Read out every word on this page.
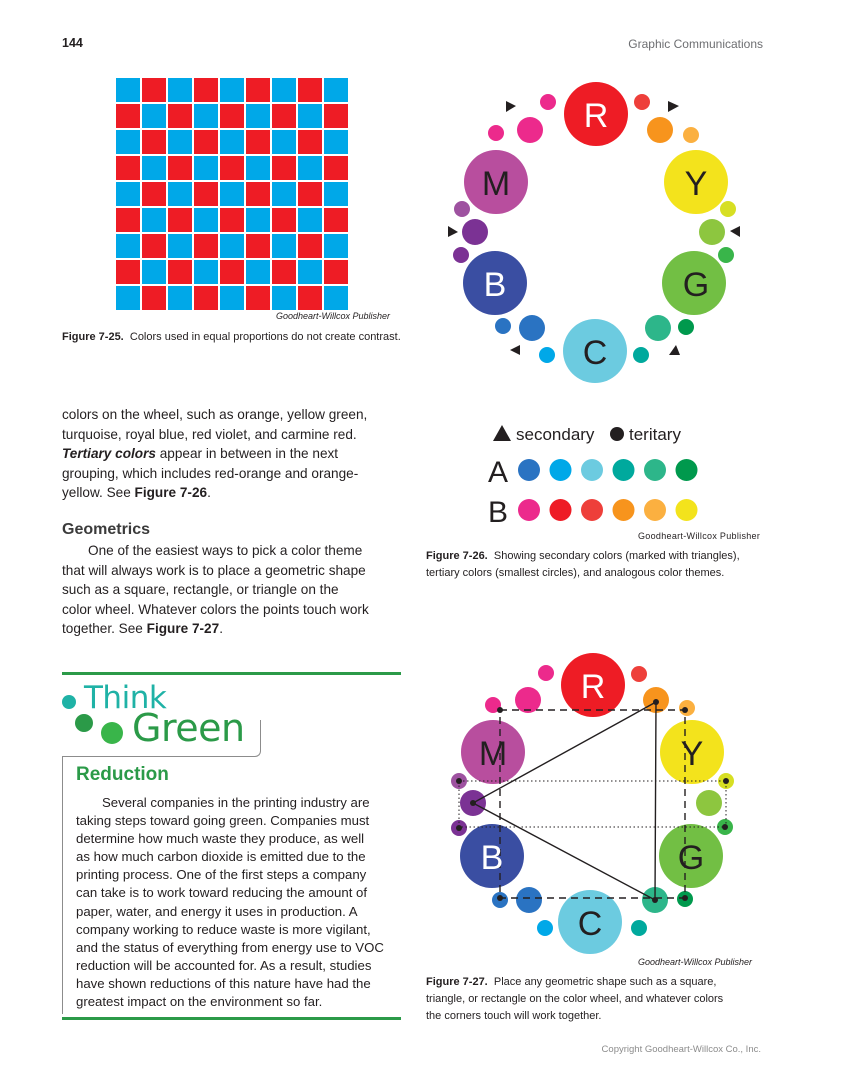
144	Graphic Communications
Goodheart-Willcox Publisher
Figure 7-25. Colors used in equal proportions do not create contrast.
R
Y
G
C
B
M
secondary teritary
A
B
Goodheart-Willcox Publisher
Figure 7-26. Showing secondary colors (marked with triangles), tertiary colors (smallest circles), and analogous color themes.

colors on the wheel, such as orange, yellow green,

turquoise, royal blue, red violet, and carmine red.

Tertiary colors appear in between in the next

grouping, which includes red-orange and orange-

yellow. See Figure 7-26.

Geometrics

One of the easiest ways to pick a color theme

that will always work is to place a geometric shape

such as a square, rectangle, or triangle on the

color wheel. Whatever colors the points touch work

together. See Figure 7-27.

Think
Green
Reduction

Several companies in the printing industry are

taking steps toward going green. Companies must

determine how much waste they produce, as well

as how much carbon dioxide is emitted due to the

printing process. One of the first steps a company

can take is to work toward reducing the amount of

paper, water, and energy it uses in production. A

company working to reduce waste is more vigilant,

and the status of everything from energy use to VOC

reduction will be accounted for. As a result, studies

have shown reductions of this nature have had the

greatest impact on the environment so far.

R
Y
G
C
B
M
Goodheart-Willcox Publisher
Figure 7-27. Place any geometric shape such as a square,
triangle, or rectangle on the color wheel, and whatever colors
the corners touch will work together.
Copyright Goodheart-Willcox Co., Inc.
